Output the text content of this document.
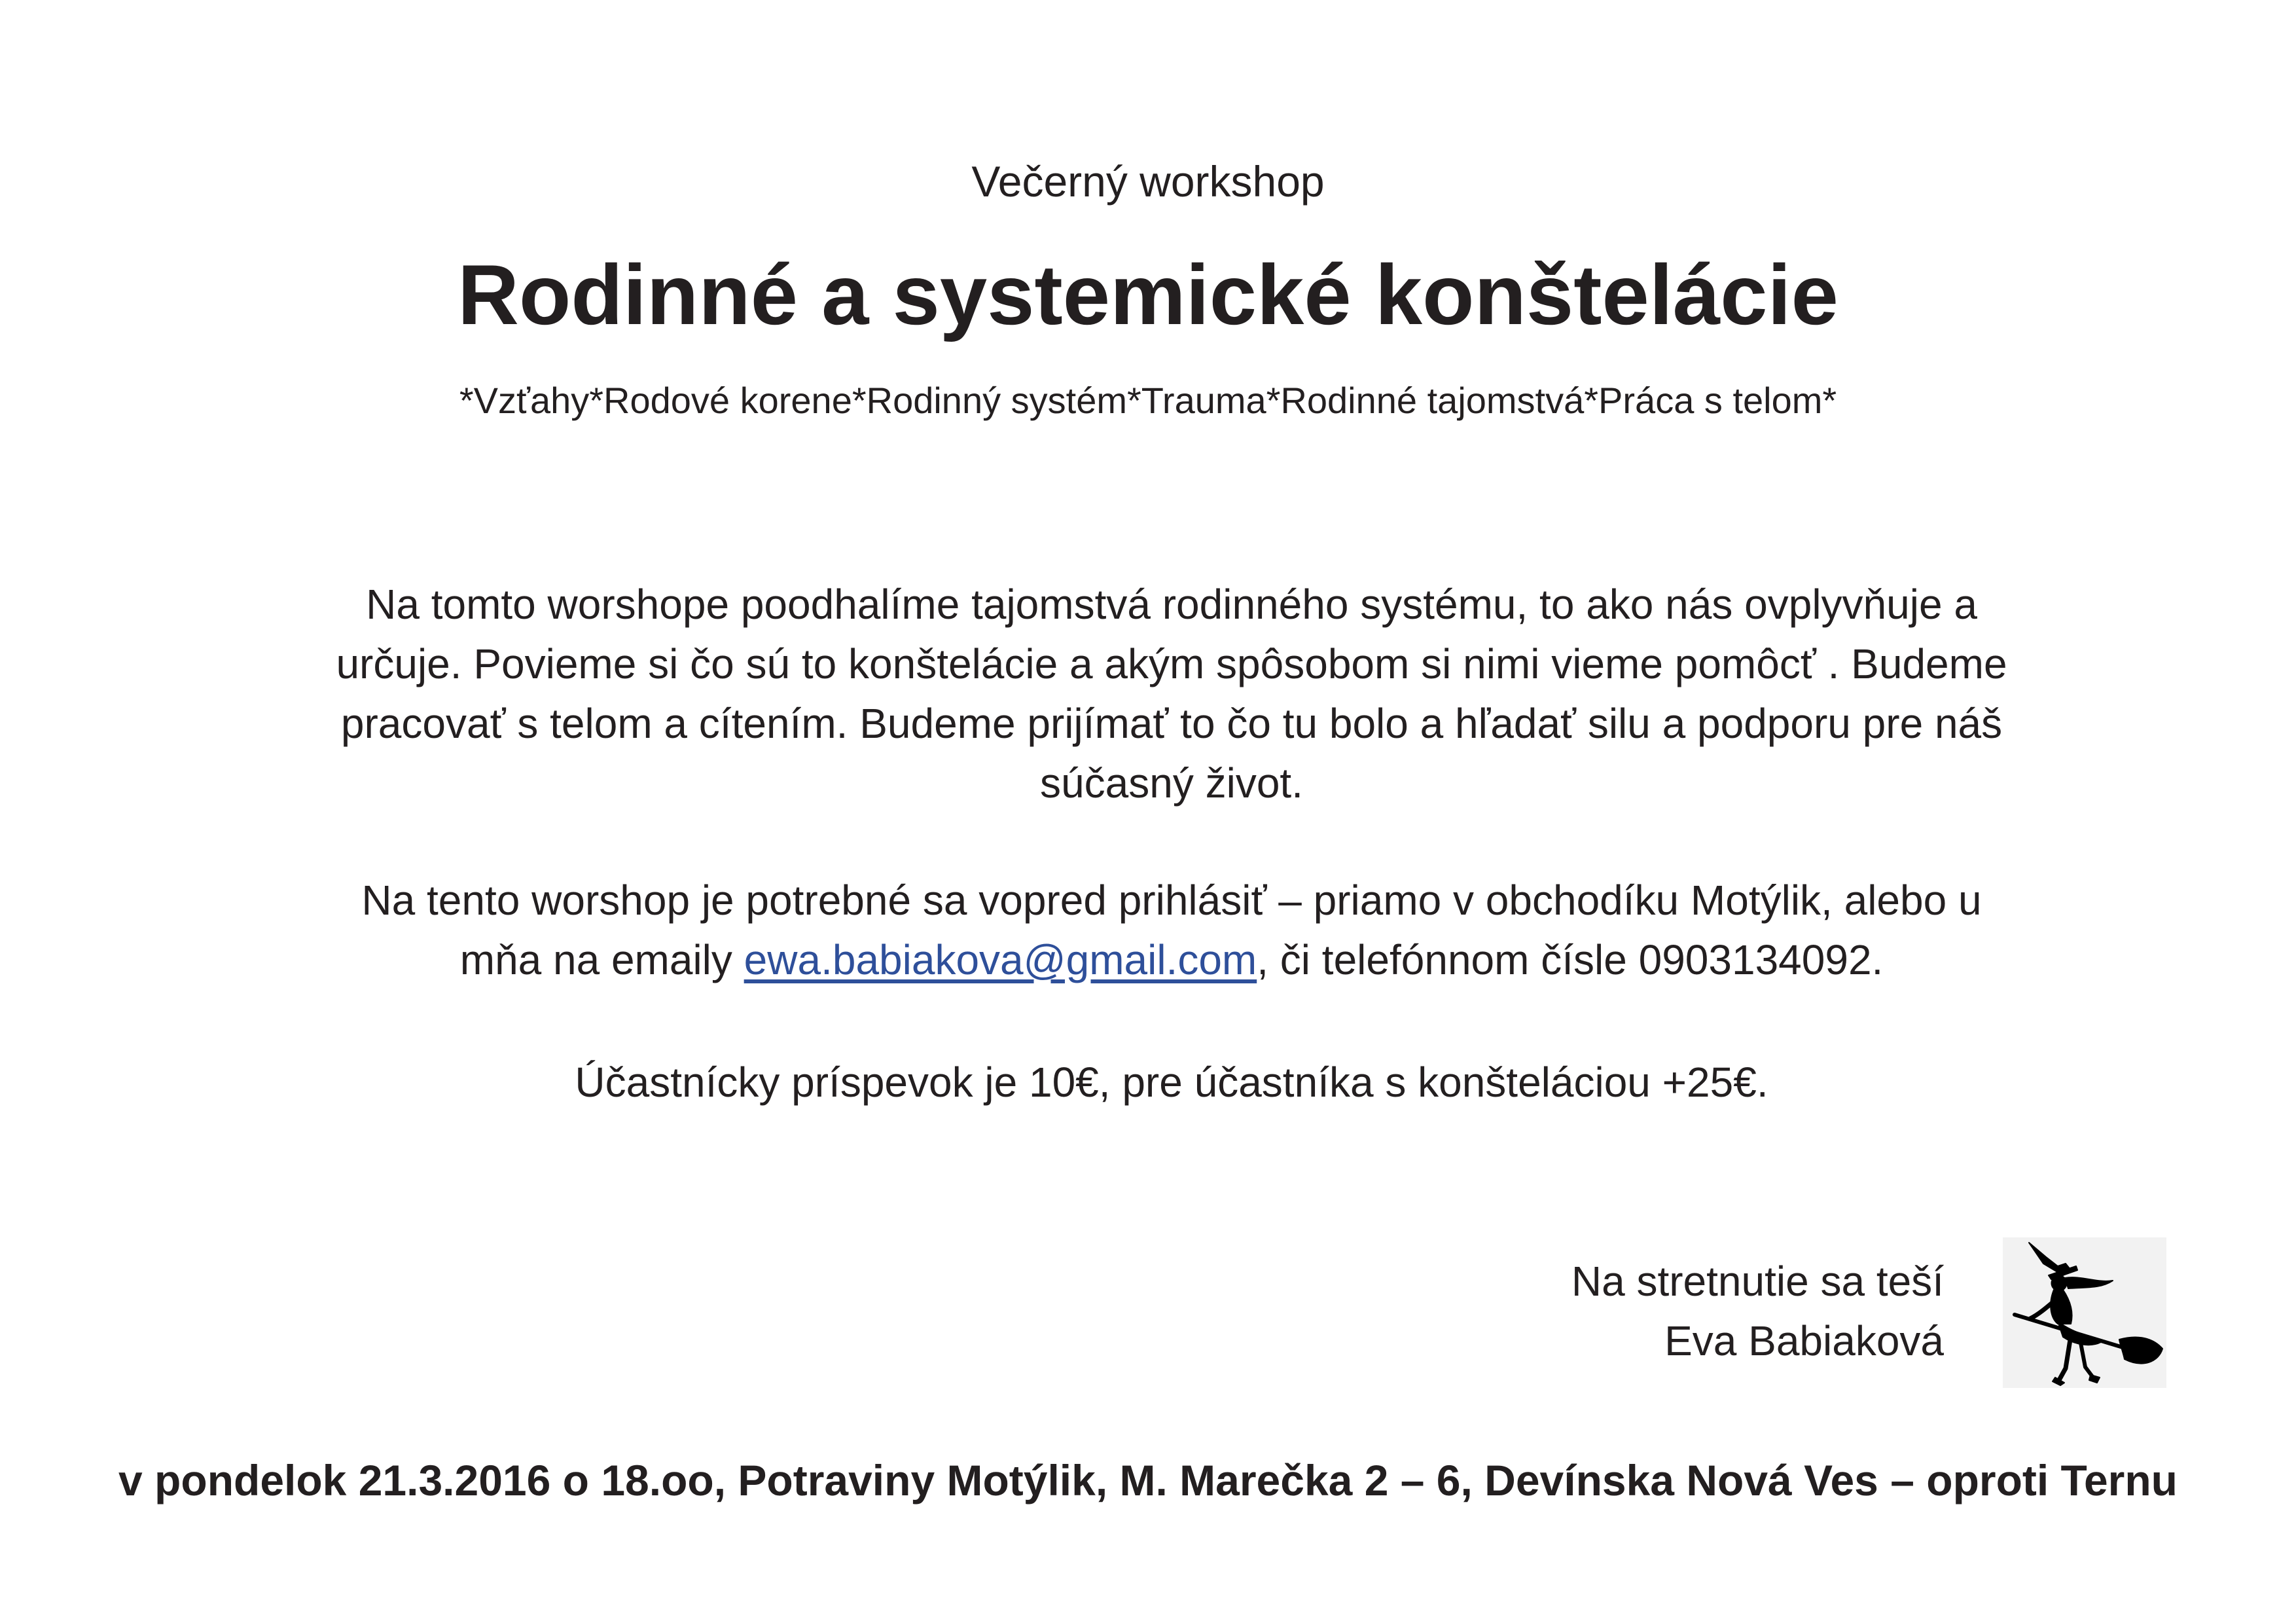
Večerný workshop
Rodinné a systemické konštelácie
*Vzťahy*Rodové korene*Rodinný systém*Trauma*Rodinné tajomstvá*Práca s telom*
Na tomto worshope poodhalíme tajomstvá rodinného systému, to ako nás ovplyvňuje a
určuje. Povieme si čo sú to konštelácie a akým spôsobom si nimi vieme pomôcť . Budeme
pracovať s telom a cítením. Budeme prijímať to čo tu bolo a hľadať silu a podporu pre náš
súčasný život.
Na tento worshop je potrebné sa vopred prihlásiť – priamo v obchodíku Motýlik, alebo u
mňa na emaily ewa.babiakova@gmail.com, či telefónnom čísle 0903134092.
Účastnícky príspevok je 10€, pre účastníka s konšteláciou +25€.
Na stretnutie sa teší
Eva Babiaková
v pondelok 21.3.2016 o 18.oo, Potraviny Motýlik, M. Marečka 2 – 6, Devínska Nová Ves – oproti Ternu
